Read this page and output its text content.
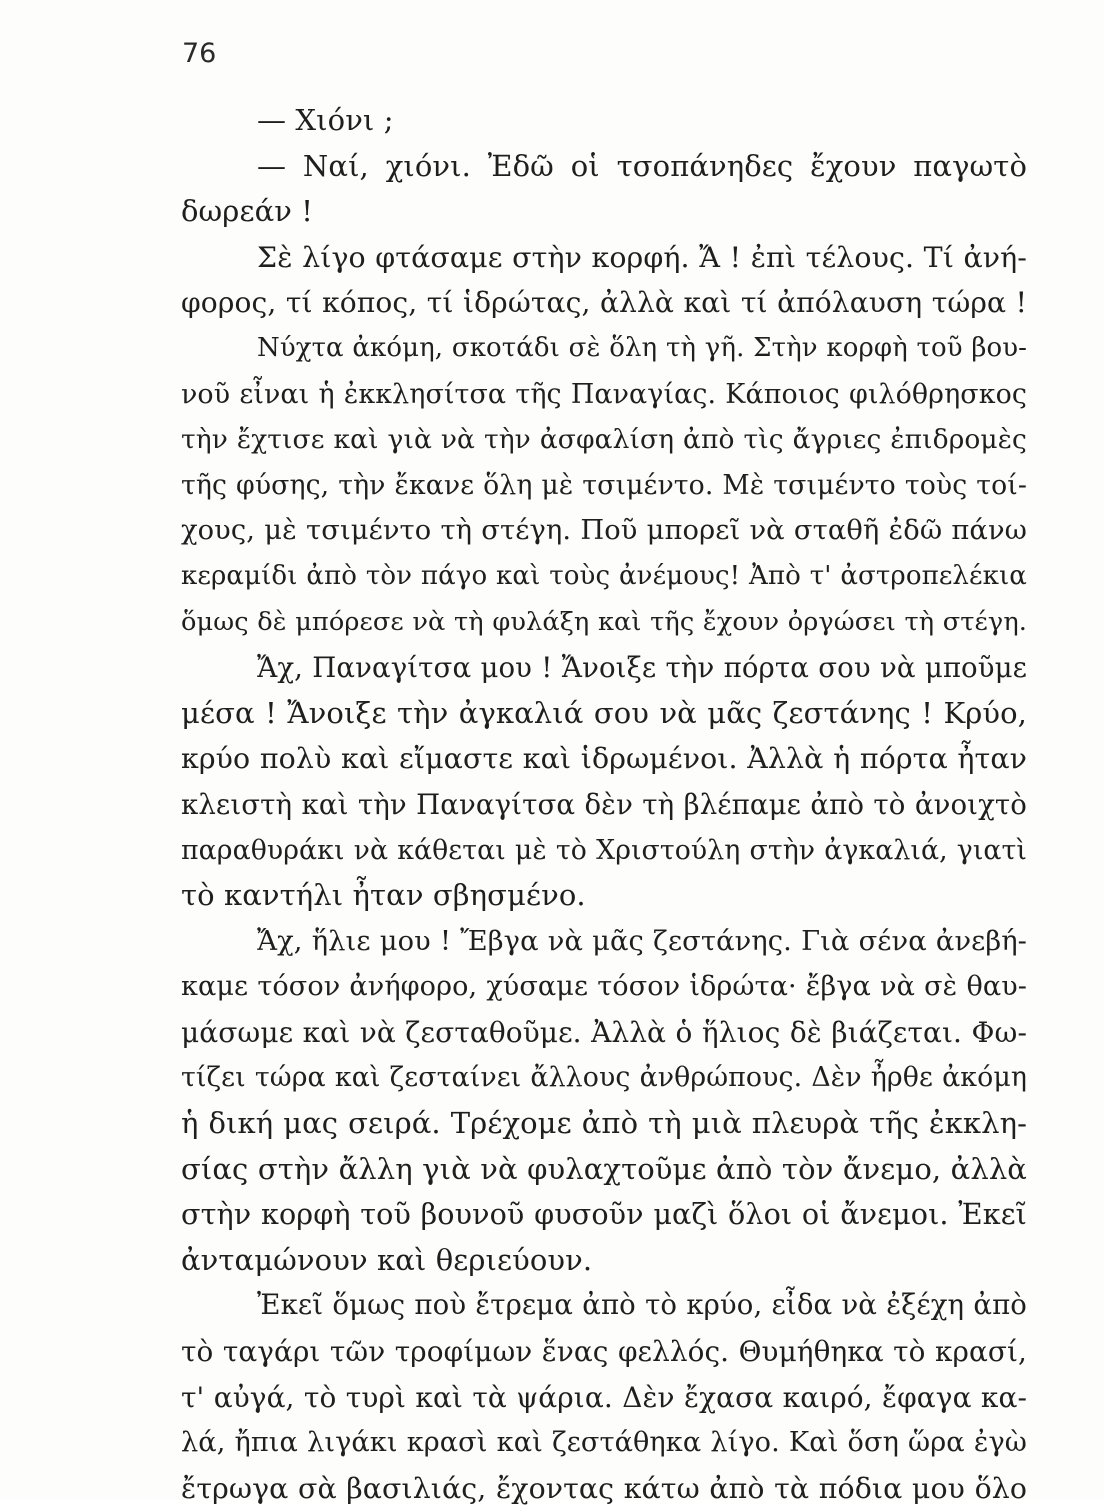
76
— Χιόνι ;
— Ναί, χιόνι. Ἐδῶ οἱ τσοπάνηδες ἔχουν παγωτὸ
δωρεάν !
Σὲ λίγο φτάσαμε στὴν κορφή. Ἄ ! ἐπὶ τέλους. Τί ἀνή-
φορος, τί κόπος, τί ἱδρώτας, ἀλλὰ καὶ τί ἀπόλαυση τώρα !
Νύχτα ἀκόμη, σκοτάδι σὲ ὅλη τὴ γῆ. Στὴν κορφὴ τοῦ βου-
νοῦ εἶναι ἡ ἐκκλησίτσα τῆς Παναγίας. Κάποιος φιλόθρησκος
τὴν ἔχτισε καὶ γιὰ νὰ τὴν ἀσφαλίση ἀπὸ τὶς ἄγριες ἐπιδρομὲς
τῆς φύσης, τὴν ἔκανε ὅλη μὲ τσιμέντο. Μὲ τσιμέντο τοὺς τοί-
χους, μὲ τσιμέντο τὴ στέγη. Ποῦ μπορεῖ νὰ σταθῆ ἐδῶ πάνω
κεραμίδι ἀπὸ τὸν πάγο καὶ τοὺς ἀνέμους! Ἀπὸ τ' ἀστροπελέκια
ὅμως δὲ μπόρεσε νὰ τὴ φυλάξη καὶ τῆς ἔχουν ὀργώσει τὴ στέγη.
Ἄχ, Παναγίτσα μου ! Ἄνοιξε τὴν πόρτα σου νὰ μποῦμε
μέσα ! Ἄνοιξε τὴν ἀγκαλιά σου νὰ μᾶς ζεστάνης ! Κρύο,
κρύο πολὺ καὶ εἴμαστε καὶ ἱδρωμένοι. Ἀλλὰ ἡ πόρτα ἦταν
κλειστὴ καὶ τὴν Παναγίτσα δὲν τὴ βλέπαμε ἀπὸ τὸ ἀνοιχτὸ
παραθυράκι νὰ κάθεται μὲ τὸ Χριστούλη στὴν ἀγκαλιά, γιατὶ
τὸ καντήλι ἦταν σβησμένο.
Ἄχ, ἥλιε μου ! Ἔβγα νὰ μᾶς ζεστάνης. Γιὰ σένα ἀνεβή-
καμε τόσον ἀνήφορο, χύσαμε τόσον ἱδρώτα· ἔβγα νὰ σὲ θαυ-
μάσωμε καὶ νὰ ζεσταθοῦμε. Ἀλλὰ ὁ ἥλιος δὲ βιάζεται. Φω-
τίζει τώρα καὶ ζεσταίνει ἄλλους ἀνθρώπους. Δὲν ἦρθε ἀκόμη
ἡ δική μας σειρά. Τρέχομε ἀπὸ τὴ μιὰ πλευρὰ τῆς ἐκκλη-
σίας στὴν ἄλλη γιὰ νὰ φυλαχτοῦμε ἀπὸ τὸν ἄνεμο, ἀλλὰ
στὴν κορφὴ τοῦ βουνοῦ φυσοῦν μαζὶ ὅλοι οἱ ἄνεμοι. Ἐκεῖ
ἀνταμώνουν καὶ θεριεύουν.
Ἐκεῖ ὅμως ποὺ ἔτρεμα ἀπὸ τὸ κρύο, εἶδα νὰ ἐξέχη ἀπὸ
τὸ ταγάρι τῶν τροφίμων ἕνας φελλός. Θυμήθηκα τὸ κρασί,
τ' αὐγά, τὸ τυρὶ καὶ τὰ ψάρια. Δὲν ἔχασα καιρό, ἔφαγα κα-
λά, ἤπια λιγάκι κρασὶ καὶ ζεστάθηκα λίγο. Καὶ ὅση ὥρα ἐγὼ
ἔτρωγα σὰ βασιλιάς, ἔχοντας κάτω ἀπὸ τὰ πόδια μου ὅλο
